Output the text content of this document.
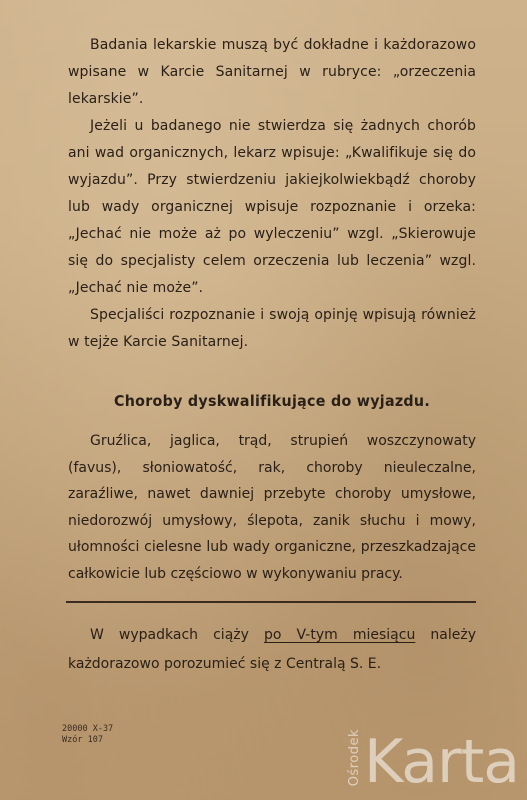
Badania lekarskie muszą być dokładne i każdorazowo wpisane w Karcie Sanitarnej w rubryce: „orzeczenia lekarskie”.

Jeżeli u badanego nie stwierdza się żadnych chorób ani wad organicznych, lekarz wpisuje: „Kwalifikuje się do wyjazdu”. Przy stwierdzeniu jakiejkolwiekbądź choroby lub wady organicznej wpisuje rozpoznanie i orzeka: „Jechać nie może aż po wyleczeniu” wzgl. „Skierowuje się do specjalisty celem orzeczenia lub leczenia” wzgl. „Jechać nie może”.

Specjaliści rozpoznanie i swoją opinję wpisują również w tejże Karcie Sanitarnej.

Choroby dyskwalifikujące do wyjazdu.

Gruźlica, jaglica, trąd, strupień woszczynowaty (favus), słoniowatość, rak, choroby nieuleczalne, zaraźliwe, nawet dawniej przebyte choroby umysłowe, niedorozwój umysłowy, ślepota, zanik słuchu i mowy, ułomności cielesne lub wady organiczne, przeszkadzające całkowicie lub częściowo w wykonywaniu pracy.

W wypadkach ciąży po V-tym miesiącu należy każdorazowo porozumieć się z Centralą S. E.

20000 X-37
Wzór 107	Ośrodek Karta
